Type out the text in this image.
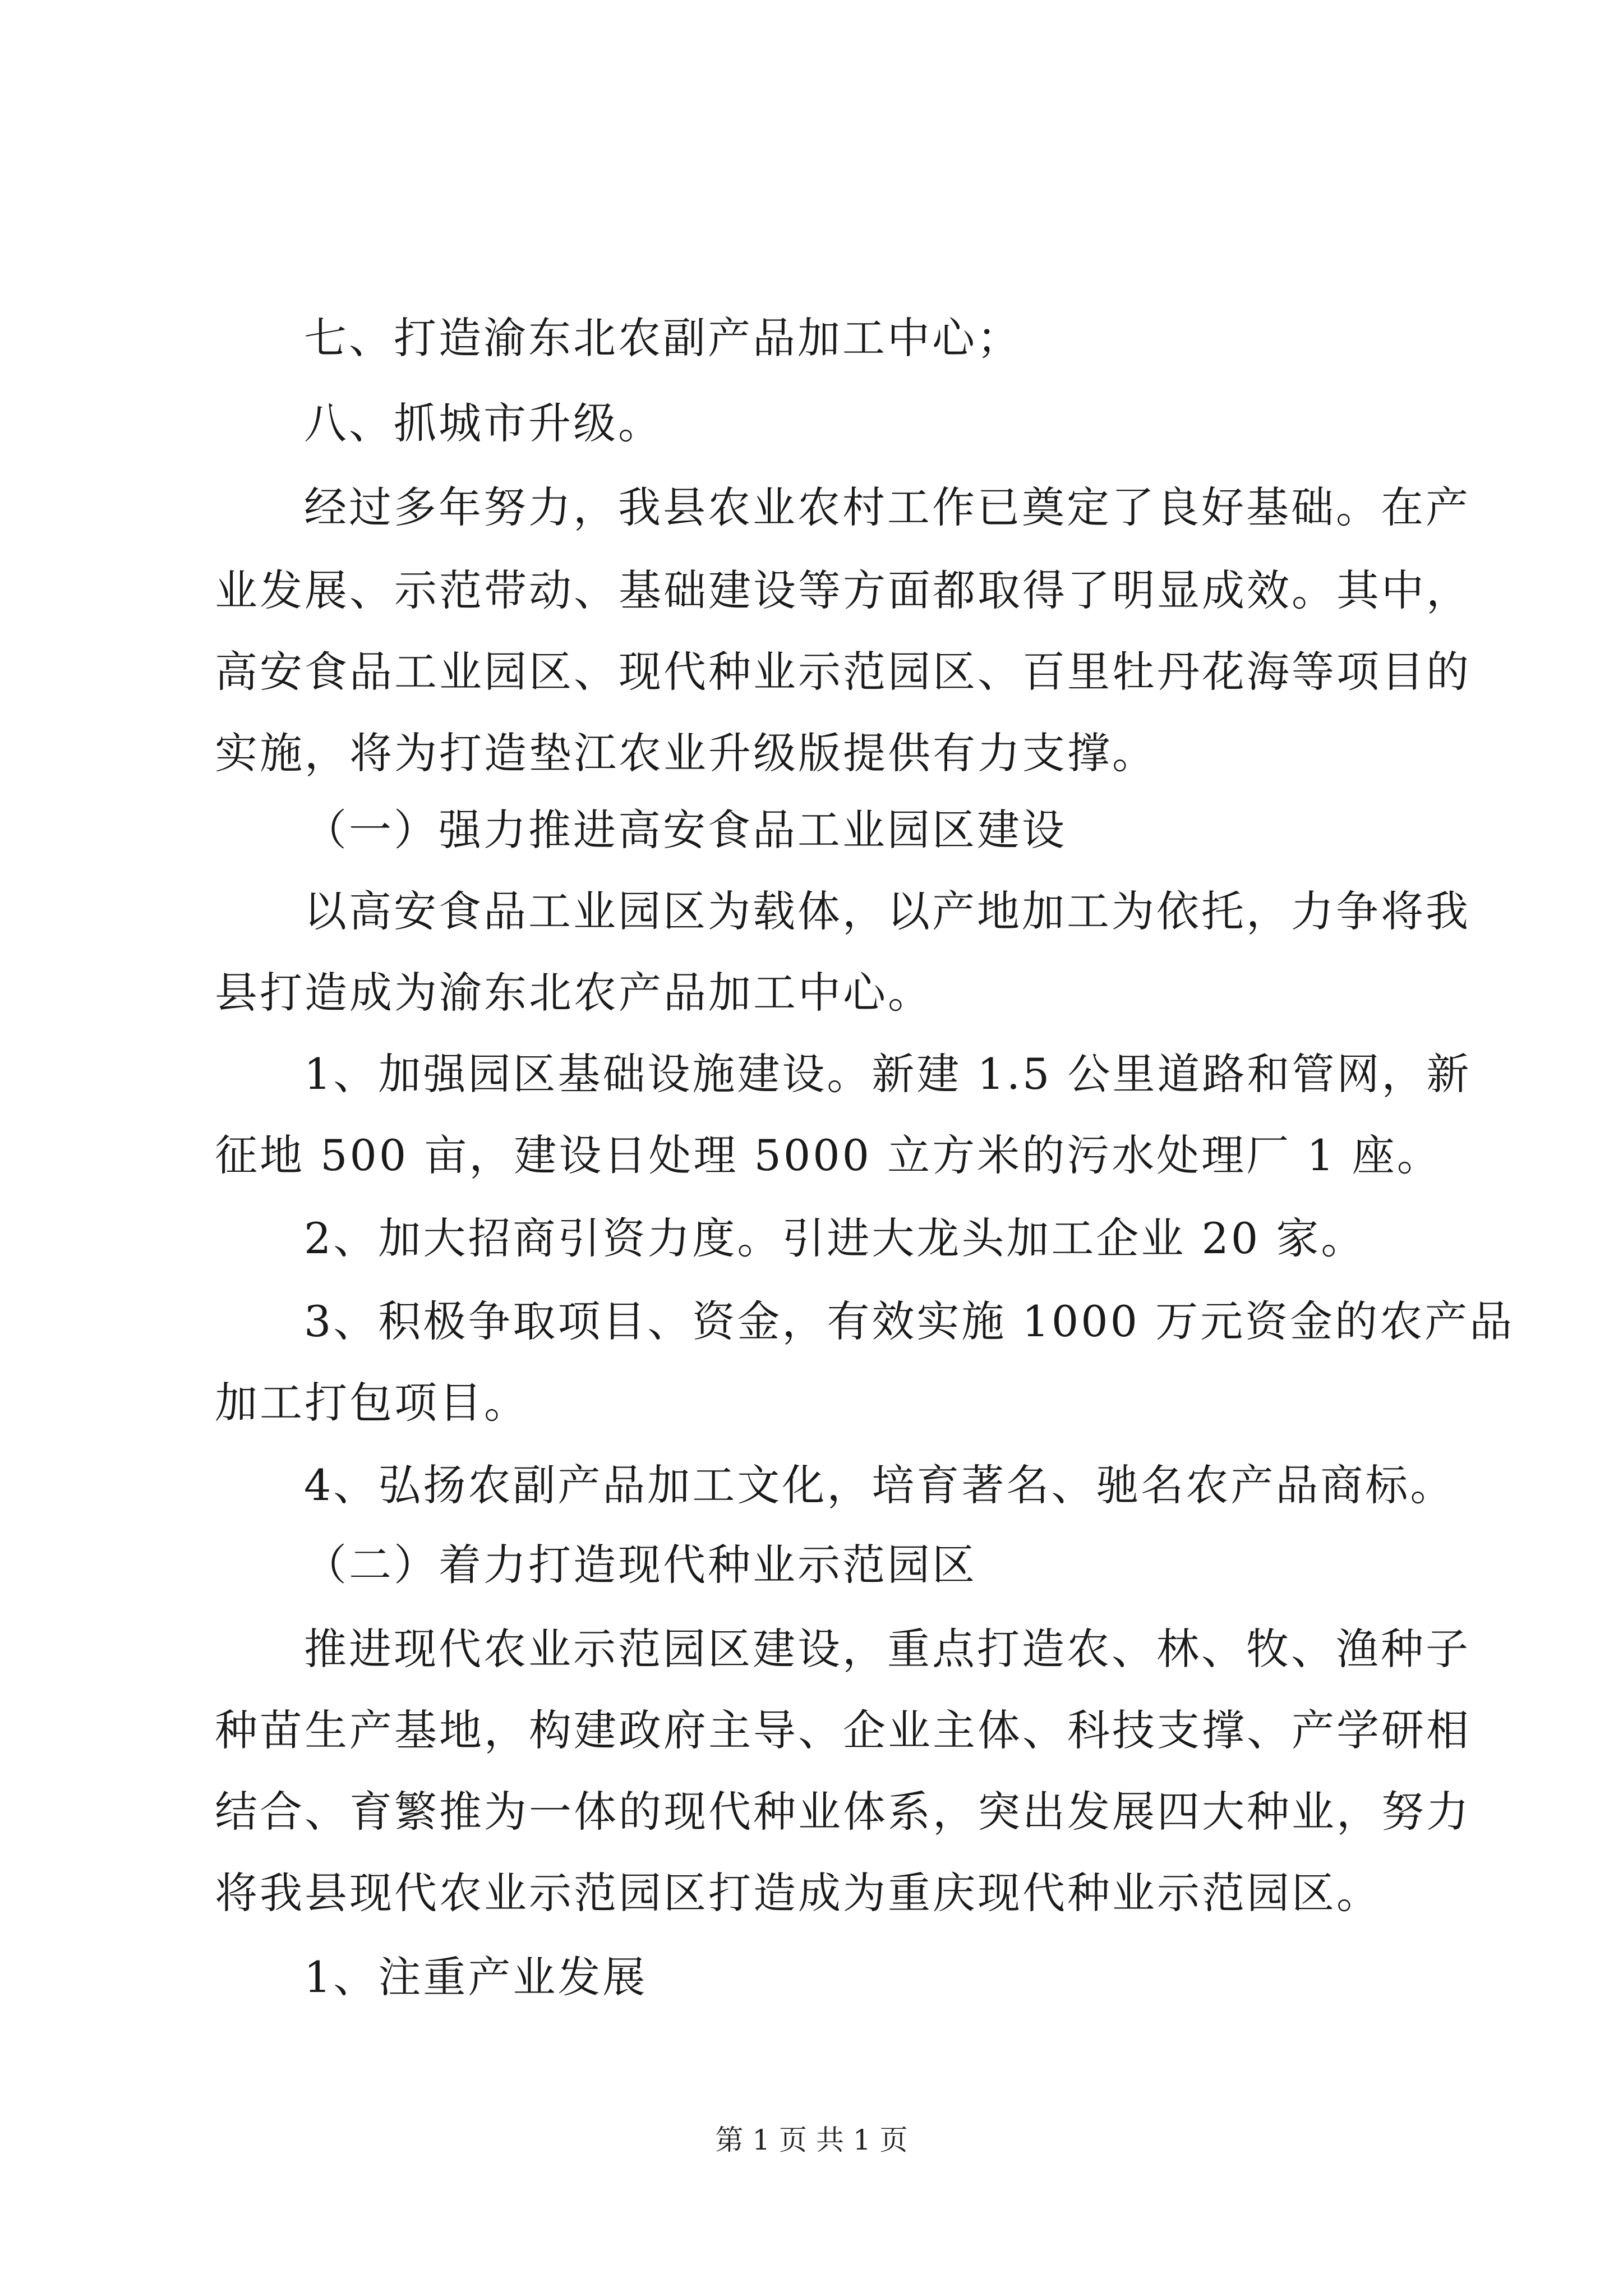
七、打造渝东北农副产品加工中心；
八、抓城市升级。
经过多年努力，我县农业农村工作已奠定了良好基础。在产
业发展、示范带动、基础建设等方面都取得了明显成效。其中，
高安食品工业园区、现代种业示范园区、百里牡丹花海等项目的
实施，将为打造垫江农业升级版提供有力支撑。
（一）强力推进高安食品工业园区建设
以高安食品工业园区为载体，以产地加工为依托，力争将我
县打造成为渝东北农产品加工中心。
1、加强园区基础设施建设。新建 1.5 公里道路和管网，新
征地 500 亩，建设日处理 5000 立方米的污水处理厂 1 座。
2、加大招商引资力度。引进大龙头加工企业 20 家。
3、积极争取项目、资金，有效实施 1000 万元资金的农产品
加工打包项目。
4、弘扬农副产品加工文化，培育著名、驰名农产品商标。
（二）着力打造现代种业示范园区
推进现代农业示范园区建设，重点打造农、林、牧、渔种子
种苗生产基地，构建政府主导、企业主体、科技支撑、产学研相
结合、育繁推为一体的现代种业体系，突出发展四大种业，努力
将我县现代农业示范园区打造成为重庆现代种业示范园区。
1、注重产业发展
第 1 页 共 1 页
